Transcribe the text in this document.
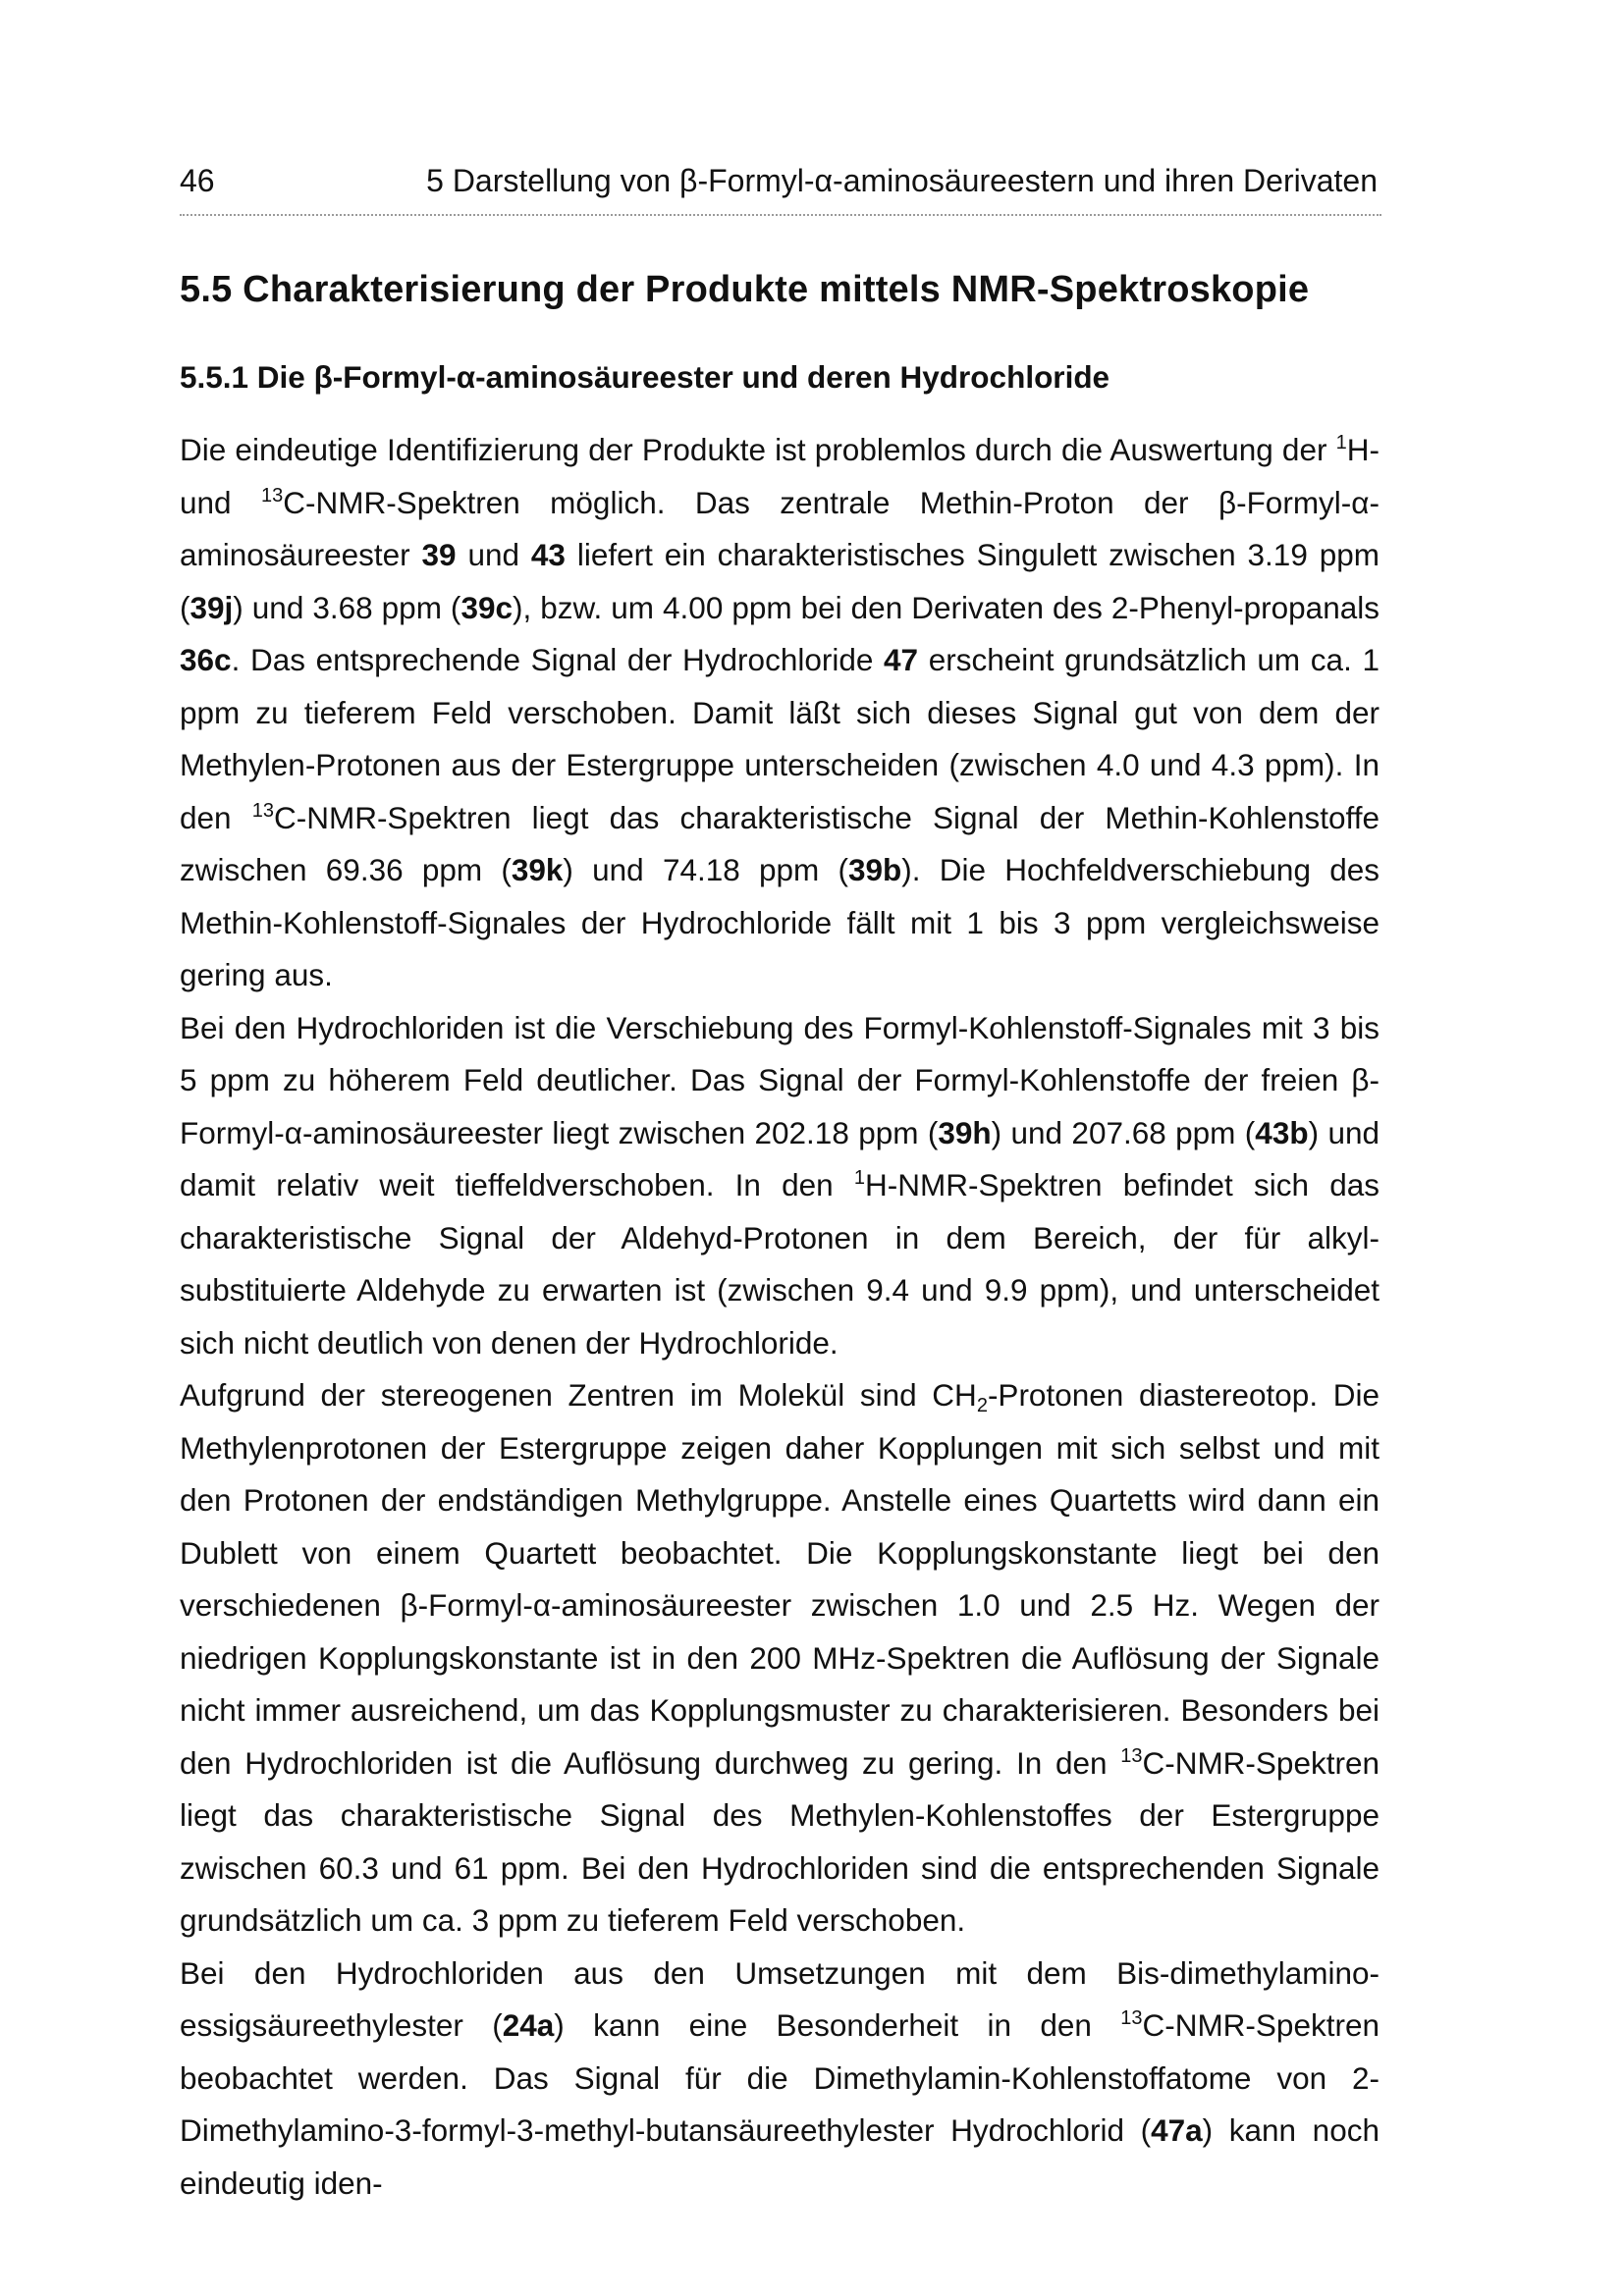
46	5 Darstellung von β-Formyl-α-aminosäureestern und ihren Derivaten
5.5 Charakterisierung der Produkte mittels NMR-Spektroskopie
5.5.1 Die β-Formyl-α-aminosäureester und deren Hydrochloride

Die eindeutige Identifizierung der Produkte ist problemlos durch die Auswertung der $^1$H- und $^{13}$C-NMR-Spektren möglich. Das zentrale Methin-Proton der β-Formyl-α-aminosäureester 39 und 43 liefert ein charakteristisches Singulett zwischen 3.19 ppm (39j) und 3.68 ppm (39c), bzw. um 4.00 ppm bei den Derivaten des 2-Phenyl-propanals 36c. Das entsprechende Signal der Hydrochloride 47 erscheint grundsätzlich um ca. 1 ppm zu tieferem Feld verschoben. Damit läßt sich dieses Signal gut von dem der Methylen-Protonen aus der Estergruppe unterscheiden (zwischen 4.0 und 4.3 ppm). In den $^{13}$C-NMR-Spektren liegt das charakteristische Signal der Methin-Kohlenstoffe zwischen 69.36 ppm (39k) und 74.18 ppm (39b). Die Hochfeldverschiebung des Methin-Kohlenstoff-Signales der Hydrochloride fällt mit 1 bis 3 ppm vergleichsweise gering aus.

Bei den Hydrochloriden ist die Verschiebung des Formyl-Kohlenstoff-Signales mit 3 bis 5 ppm zu höherem Feld deutlicher. Das Signal der Formyl-Kohlenstoffe der freien β-Formyl-α-aminosäureester liegt zwischen 202.18 ppm (39h) und 207.68 ppm (43b) und damit relativ weit tieffeldverschoben. In den $^1$H-NMR-Spektren befindet sich das charakteristische Signal der Aldehyd-Protonen in dem Bereich, der für alkyl-substituierte Aldehyde zu erwarten ist (zwischen 9.4 und 9.9 ppm), und unterscheidet sich nicht deutlich von denen der Hydrochloride.

Aufgrund der stereogenen Zentren im Molekül sind $CH_2$-Protonen diastereotop. Die Methylenprotonen der Estergruppe zeigen daher Kopplungen mit sich selbst und mit den Protonen der endständigen Methylgruppe. Anstelle eines Quartetts wird dann ein Dublett von einem Quartett beobachtet. Die Kopplungskonstante liegt bei den verschiedenen β-Formyl-α-aminosäureester zwischen 1.0 und 2.5 Hz. Wegen der niedrigen Kopplungskonstante ist in den 200 MHz-Spektren die Auflösung der Signale nicht immer ausreichend, um das Kopplungsmuster zu charakterisieren. Besonders bei den Hydrochloriden ist die Auflösung durchweg zu gering. In den $^{13}$C-NMR-Spektren liegt das charakteristische Signal des Methylen-Kohlenstoffes der Estergruppe zwischen 60.3 und 61 ppm. Bei den Hydrochloriden sind die entsprechenden Signale grundsätzlich um ca. 3 ppm zu tieferem Feld verschoben.

Bei den Hydrochloriden aus den Umsetzungen mit dem Bis-dimethylamino-essigsäureethylester (24a) kann eine Besonderheit in den $^{13}$C-NMR-Spektren beobachtet werden. Das Signal für die Dimethylamin-Kohlenstoffatome von 2-Dimethylamino-3-formyl-3-methyl-butansäureethylester Hydrochlorid (47a) kann noch eindeutig iden-
